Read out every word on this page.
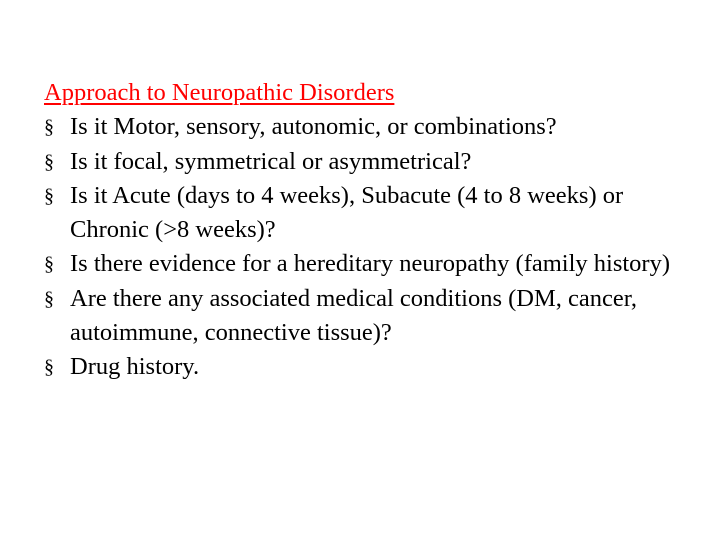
Approach to Neuropathic Disorders
§ Is it Motor, sensory, autonomic, or combinations?
§ Is it focal, symmetrical or asymmetrical?
§ Is it Acute (days to 4 weeks), Subacute (4 to 8 weeks) or Chronic (>8 weeks)?
§ Is there evidence for a hereditary neuropathy (family history)
§ Are there any associated medical conditions (DM, cancer, autoimmune, connective tissue)?
§ Drug history.
